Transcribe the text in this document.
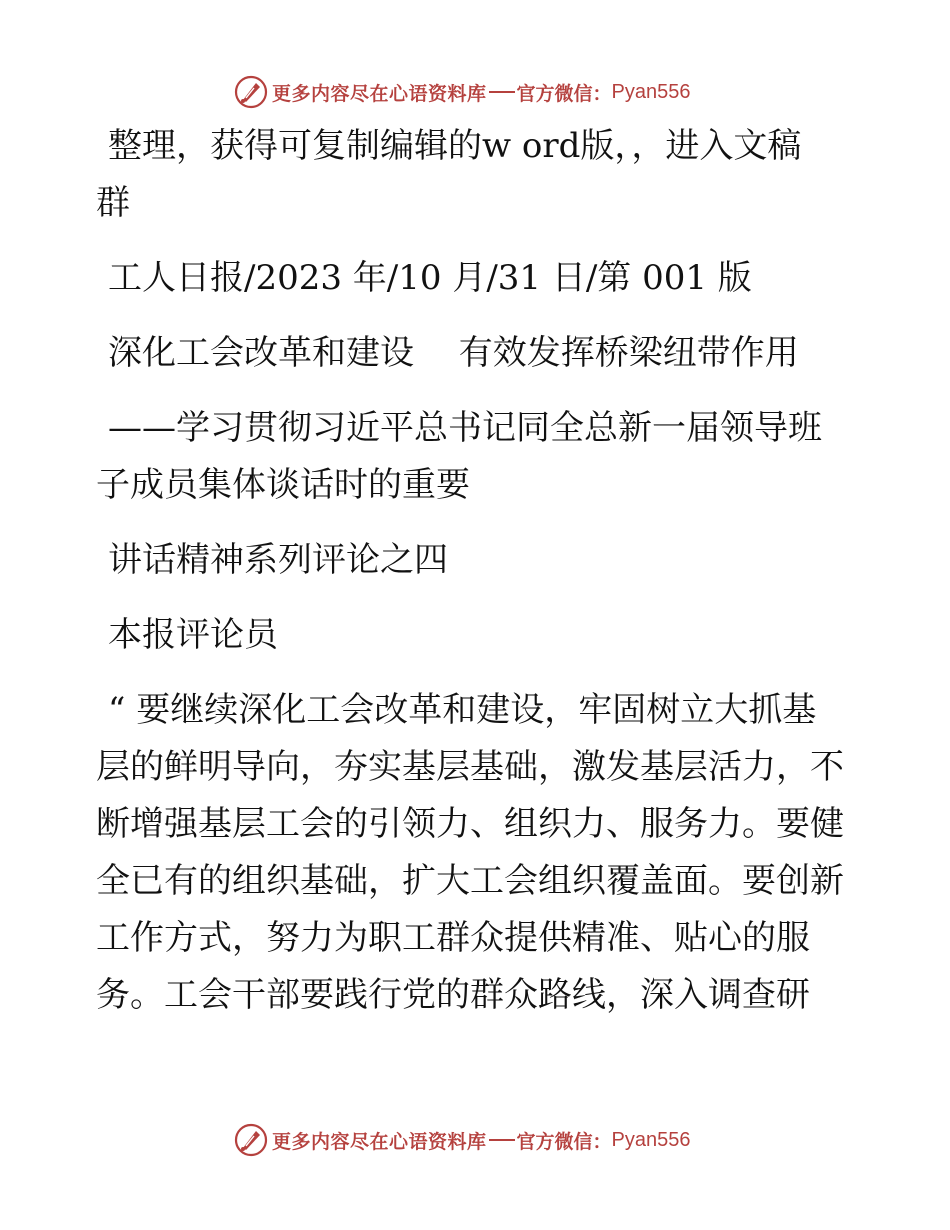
更多内容尽在心语资料库 官方微信： Pyan556

整理，获得可复制编辑的w ord版，，进入文稿

群

工人日报/2023 年/10 月/31 日/第 001 版

深化工会改革和建设　 有效发挥桥梁纽带作用

——学习贯彻习近平总书记同全总新一届领导班

子成员集体谈话时的重要

讲话精神系列评论之四

本报评论员

“ 要继续深化工会改革和建设，牢固树立大抓基

层的鲜明导向，夯实基层基础，激发基层活力，不

断增强基层工会的引领力、组织力、服务力。要健

全已有的组织基础，扩大工会组织覆盖面。要创新

工作方式，努力为职工群众提供精准、贴心的服

务。工会干部要践行党的群众路线，深入调查研

更多内容尽在心语资料库 官方微信： Pyan556
